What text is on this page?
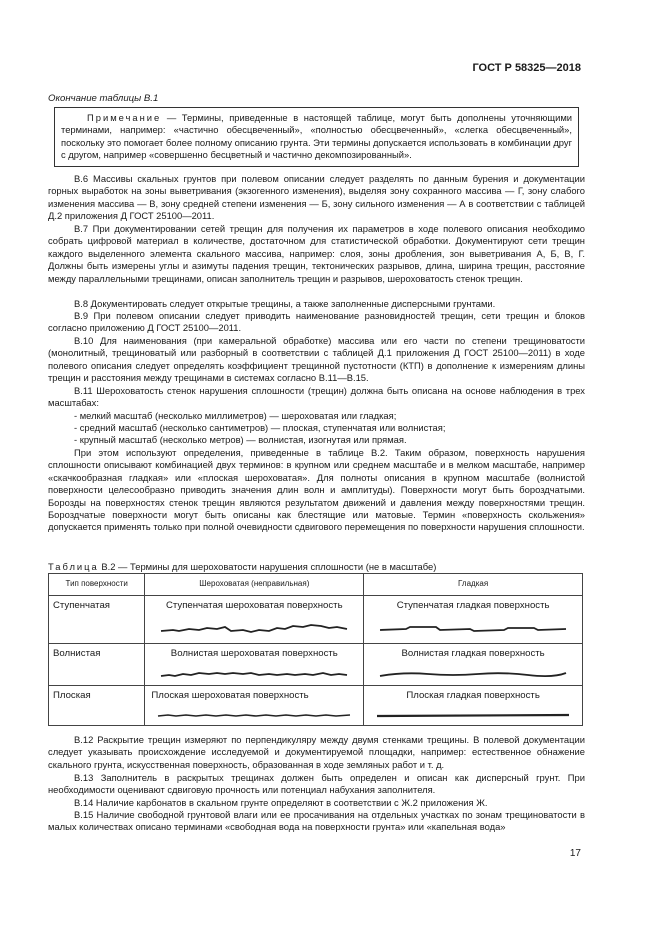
ГОСТ Р 58325—2018
Окончание таблицы В.1
Примечание — Термины, приведенные в настоящей таблице, могут быть дополнены уточняющими терминами, например: «частично обесцвеченный», «полностью обесцвеченный», «слегка обесцвеченный», поскольку это помогает более полному описанию грунта. Эти термины допускается использовать в комбинации друг с другом, например «совершенно бесцветный и частично декомпозированный».
В.6 Массивы скальных грунтов при полевом описании следует разделять по данным бурения и документации горных выработок на зоны выветривания (экзогенного изменения), выделяя зону сохранного массива — Г, зону слабого изменения массива — В, зону средней степени изменения — Б, зону сильного изменения — А в соответствии с таблицей Д.2 приложения Д ГОСТ 25100—2011.
В.7 При документировании сетей трещин для получения их параметров в ходе полевого описания необходимо собрать цифровой материал в количестве, достаточном для статистической обработки. Документируют сети трещин каждого выделенного элемента скального массива, например: слоя, зоны дробления, зон выветривания А, Б, В, Г. Должны быть измерены углы и азимуты падения трещин, тектонических разрывов, длина, ширина трещин, расстояние между параллельными трещинами, описан заполнитель трещин и разрывов, шероховатость стенок трещин.
В.8 Документировать следует открытые трещины, а также заполненные дисперсными грунтами.
В.9 При полевом описании следует приводить наименование разновидностей трещин, сети трещин и блоков согласно приложению Д ГОСТ 25100—2011.
В.10 Для наименования (при камеральной обработке) массива или его части по степени трещиноватости (монолитный, трещиноватый или разборный в соответствии с таблицей Д.1 приложения Д ГОСТ 25100—2011) в ходе полевого описания следует определять коэффициент трещинной пустотности (КТП) в дополнение к измерениям длины трещин и расстояния между трещинами в системах согласно В.11—В.15.
В.11 Шероховатость стенок нарушения сплошности (трещин) должна быть описана на основе наблюдения в трех масштабах:
- мелкий масштаб (несколько миллиметров) — шероховатая или гладкая;
- средний масштаб (несколько сантиметров) — плоская, ступенчатая или волнистая;
- крупный масштаб (несколько метров) — волнистая, изогнутая или прямая.
При этом используют определения, приведенные в таблице В.2. Таким образом, поверхность нарушения сплошности описывают комбинацией двух терминов: в крупном или среднем масштабе и в мелком масштабе, например «скачкообразная гладкая» или «плоская шероховатая». Для полноты описания в крупном масштабе (волнистой поверхности целесообразно приводить значения длин волн и амплитуды). Поверхности могут быть бороздчатыми. Борозды на поверхностях стенок трещин являются результатом движений и давления между поверхностями трещин. Бороздчатые поверхности могут быть описаны как блестящие или матовые. Термин «поверхность скольжения» допускается применять только при полной очевидности сдвигового перемещения по поверхности нарушения сплошности.
Таблица В.2 — Термины для шероховатости нарушения сплошности (не в масштабе)
Тип поверхности	Шероховатая (неправильная)	Гладкая
Ступенчатая	Ступенчатая шероховатая поверхность	Ступенчатая гладкая поверхность

Волнистая	Волнистая шероховатая поверхность	Волнистая гладкая поверхность

Плоская	Плоская шероховатая поверхность	Плоская гладкая поверхность
В.12 Раскрытие трещин измеряют по перпендикуляру между двумя стенками трещины. В полевой документации следует указывать происхождение исследуемой и документируемой площадки, например: естественное обнажение скального грунта, искусственная поверхность, образованная в ходе земляных работ и т. д.
В.13 Заполнитель в раскрытых трещинах должен быть определен и описан как дисперсный грунт. При необходимости оценивают сдвиговую прочность или потенциал набухания заполнителя.
В.14 Наличие карбонатов в скальном грунте определяют в соответствии с Ж.2 приложения Ж.
В.15 Наличие свободной грунтовой влаги или ее просачивания на отдельных участках по зонам трещиноватости в малых количествах описано терминами «свободная вода на поверхности грунта» или «капельная вода»
17
